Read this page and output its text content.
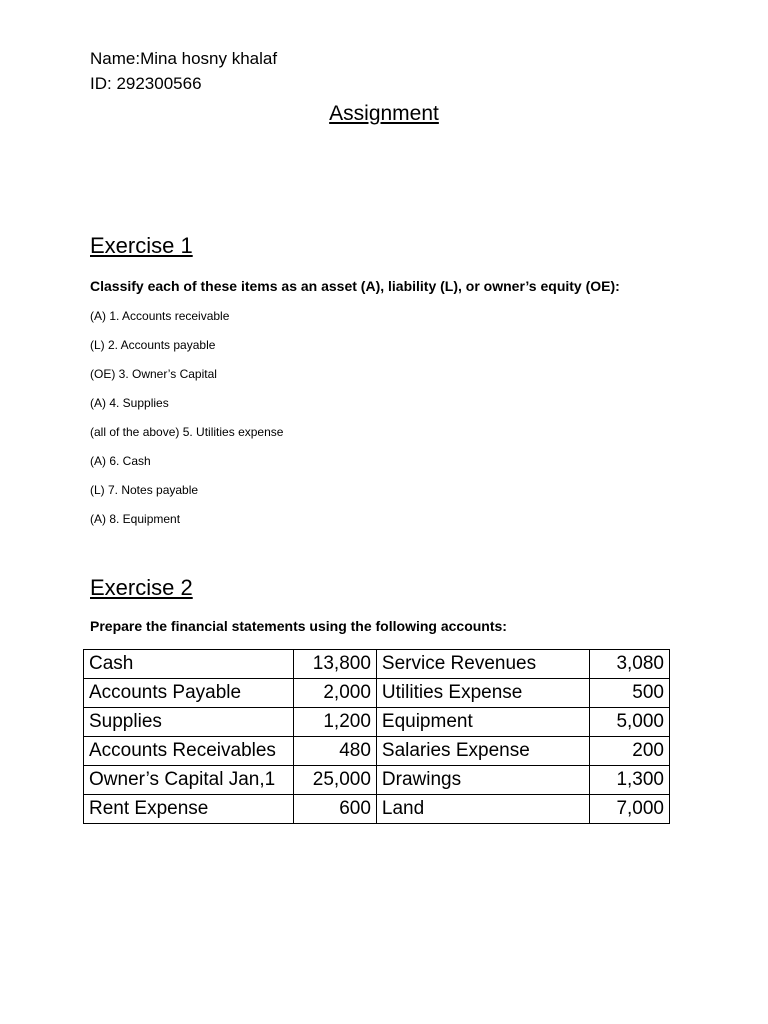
Name:Mina hosny khalaf
ID: 292300566
Assignment
Exercise 1
Classify each of these items as an asset (A), liability (L), or owner’s equity (OE):
(A) 1. Accounts receivable
(L) 2. Accounts payable
(OE) 3. Owner’s Capital
(A) 4. Supplies
(all of the above) 5. Utilities expense
(A) 6. Cash
(L) 7. Notes payable
(A) 8. Equipment
Exercise 2
Prepare the financial statements using the following accounts:
Cash	13,800	Service Revenues	3,080
Accounts Payable	2,000	Utilities Expense	500
Supplies	1,200	Equipment	5,000
Accounts Receivables	480	Salaries Expense	200
Owner’s Capital Jan,1	25,000	Drawings	1,300
Rent Expense	600	Land	7,000
